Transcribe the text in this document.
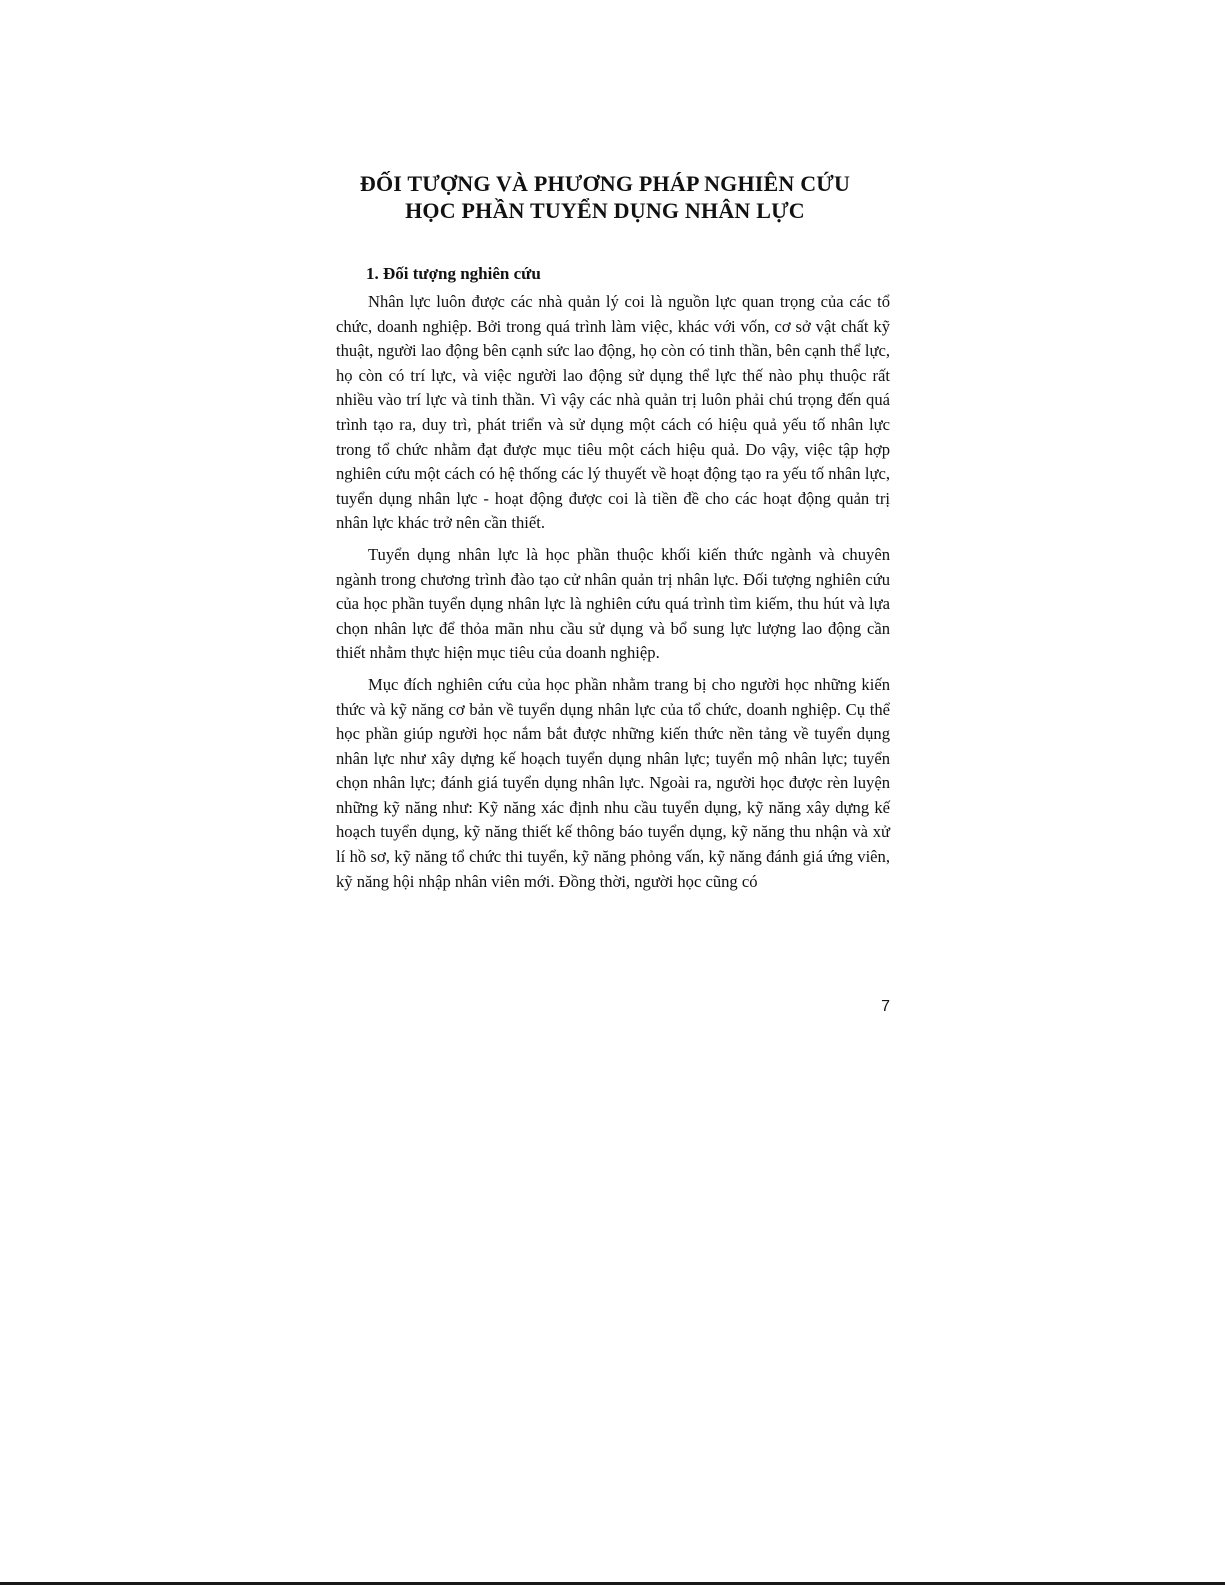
ĐỐI TƯỢNG VÀ PHƯƠNG PHÁP NGHIÊN CỨU
HỌC PHẦN TUYỂN DỤNG NHÂN LỰC
1. Đối tượng nghiên cứu

Nhân lực luôn được các nhà quản lý coi là nguồn lực quan trọng của các tổ chức, doanh nghiệp. Bởi trong quá trình làm việc, khác với vốn, cơ sở vật chất kỹ thuật, người lao động bên cạnh sức lao động, họ còn có tinh thần, bên cạnh thể lực, họ còn có trí lực, và việc người lao động sử dụng thể lực thế nào phụ thuộc rất nhiều vào trí lực và tinh thần. Vì vậy các nhà quản trị luôn phải chú trọng đến quá trình tạo ra, duy trì, phát triển và sử dụng một cách có hiệu quả yếu tố nhân lực trong tổ chức nhằm đạt được mục tiêu một cách hiệu quả. Do vậy, việc tập hợp nghiên cứu một cách có hệ thống các lý thuyết về hoạt động tạo ra yếu tố nhân lực, tuyển dụng nhân lực - hoạt động được coi là tiền đề cho các hoạt động quản trị nhân lực khác trở nên cần thiết.

Tuyển dụng nhân lực là học phần thuộc khối kiến thức ngành và chuyên ngành trong chương trình đào tạo cử nhân quản trị nhân lực. Đối tượng nghiên cứu của học phần tuyển dụng nhân lực là nghiên cứu quá trình tìm kiếm, thu hút và lựa chọn nhân lực để thỏa mãn nhu cầu sử dụng và bổ sung lực lượng lao động cần thiết nhằm thực hiện mục tiêu của doanh nghiệp.

Mục đích nghiên cứu của học phần nhằm trang bị cho người học những kiến thức và kỹ năng cơ bản về tuyển dụng nhân lực của tổ chức, doanh nghiệp. Cụ thể học phần giúp người học nắm bắt được những kiến thức nền tảng về tuyển dụng nhân lực như xây dựng kế hoạch tuyển dụng nhân lực; tuyển mộ nhân lực; tuyển chọn nhân lực; đánh giá tuyển dụng nhân lực. Ngoài ra, người học được rèn luyện những kỹ năng như: Kỹ năng xác định nhu cầu tuyển dụng, kỹ năng xây dựng kế hoạch tuyển dụng, kỹ năng thiết kế thông báo tuyển dụng, kỹ năng thu nhận và xử lí hồ sơ, kỹ năng tổ chức thi tuyển, kỹ năng phỏng vấn, kỹ năng đánh giá ứng viên, kỹ năng hội nhập nhân viên mới. Đồng thời, người học cũng có

7
